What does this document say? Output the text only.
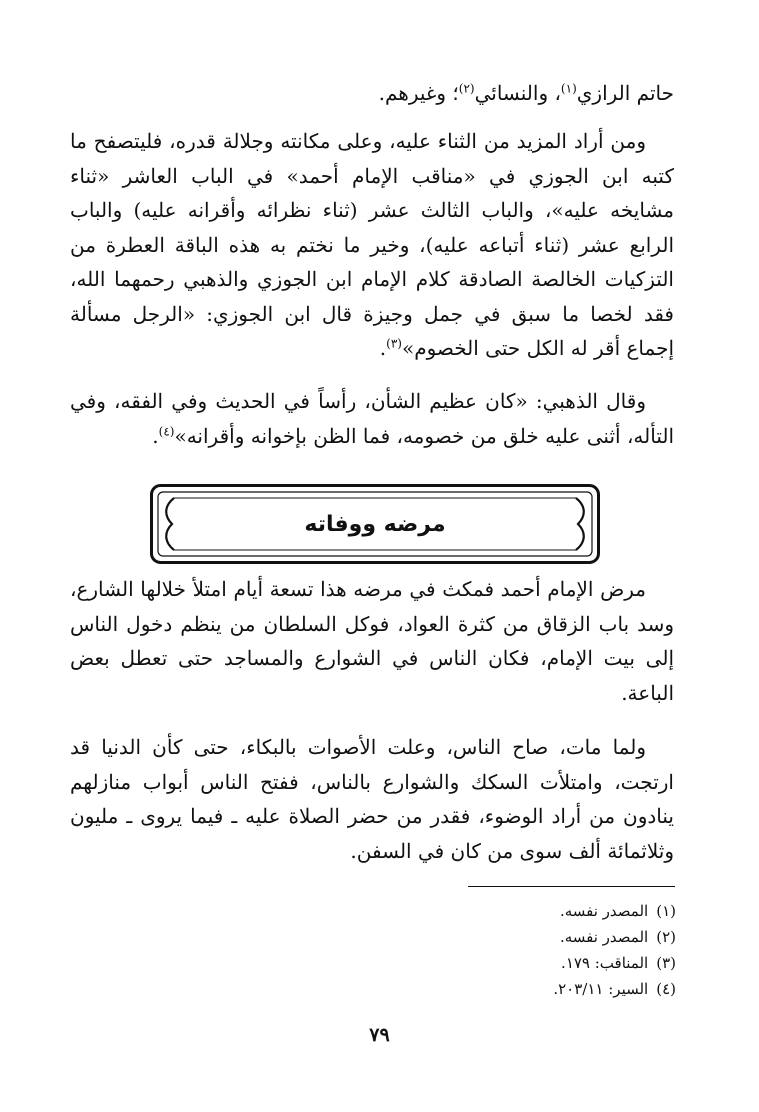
حاتم الرازي$^{(١)}$، والنسائي$^{(٢)}$؛ وغيرهم.
ومن أراد المزيد من الثناء عليه، وعلى مكانته وجلالة قدره، فليتصفح ما كتبه ابن الجوزي في «مناقب الإمام أحمد» في الباب العاشر «ثناء مشايخه عليه»، والباب الثالث عشر (ثناء نظرائه وأقرانه عليه) والباب الرابع عشر (ثناء أتباعه عليه)، وخير ما نختم به هذه الباقة العطرة من التزكيات الخالصة الصادقة كلام الإمام ابن الجوزي والذهبي رحمهما الله، فقد لخصا ما سبق في جمل وجيزة قال ابن الجوزي: «الرجل مسألة إجماع أقر له الكل حتى الخصوم»$^{(٣)}$.
وقال الذهبي: «كان عظيم الشأن، رأساً في الحديث وفي الفقه، وفي التأله، أثنى عليه خلق من خصومه، فما الظن بإخوانه وأقرانه»$^{(٤)}$.
مرضه ووفاته
مرض الإمام أحمد فمكث في مرضه هذا تسعة أيام امتلأ خلالها الشارع، وسد باب الزقاق من كثرة العواد، فوكل السلطان من ينظم دخول الناس إلى بيت الإمام، فكان الناس في الشوارع والمساجد حتى تعطل بعض الباعة.
ولما مات، صاح الناس، وعلت الأصوات بالبكاء، حتى كأن الدنيا قد ارتجت، وامتلأت السكك والشوارع بالناس، ففتح الناس أبواب منازلهم ينادون من أراد الوضوء، فقدر من حضر الصلاة عليه ـ فيما يروى ـ مليون وثلاثمائة ألف سوى من كان في السفن.
(١)المصدر نفسه.
(٢)المصدر نفسه.
(٣)المناقب: ١٧٩.
(٤)السير: ٢٠٣/١١.
٧٩
